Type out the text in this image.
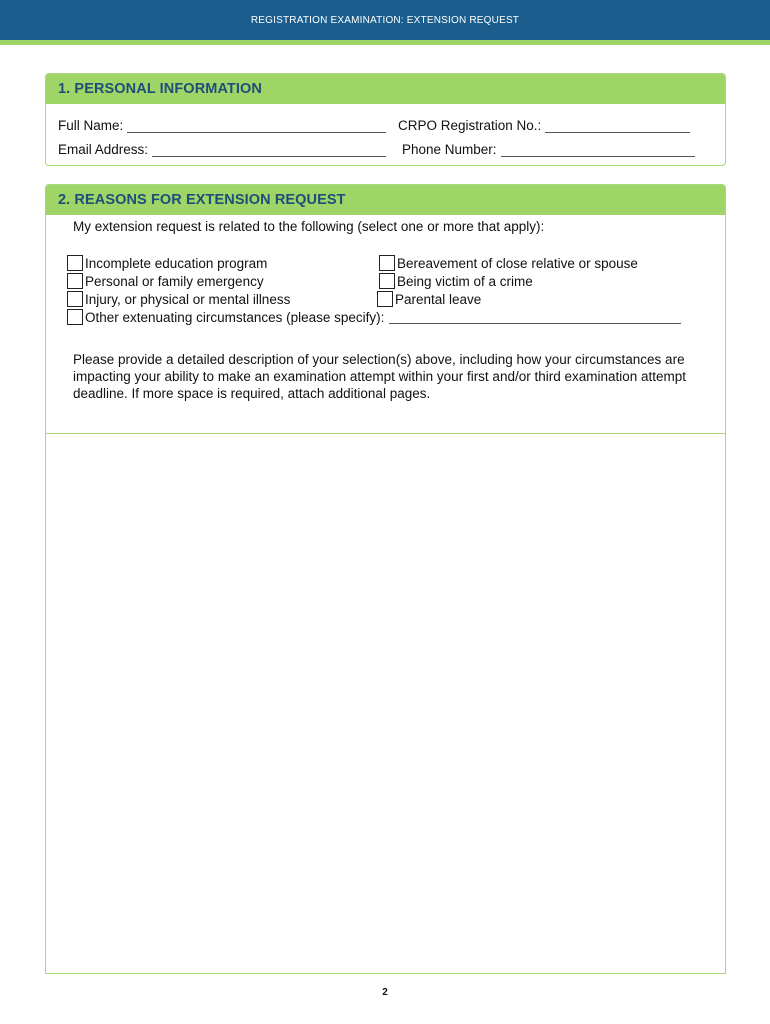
REGISTRATION EXAMINATION: EXTENSION REQUEST
1. PERSONAL INFORMATION
Full Name:	CRPO Registration No.:
Email Address:	Phone Number:
2. REASONS FOR EXTENSION REQUEST
My extension request is related to the following (select one or more that apply):
Incomplete education program
Personal or family emergency
Injury, or physical or mental illness
Bereavement of close relative or spouse
Being victim of a crime
Parental leave
Other extenuating circumstances (please specify):
Please provide a detailed description of your selection(s) above, including how your circumstances are impacting your ability to make an examination attempt within your first and/or third examination attempt deadline. If more space is required, attach additional pages.
2
